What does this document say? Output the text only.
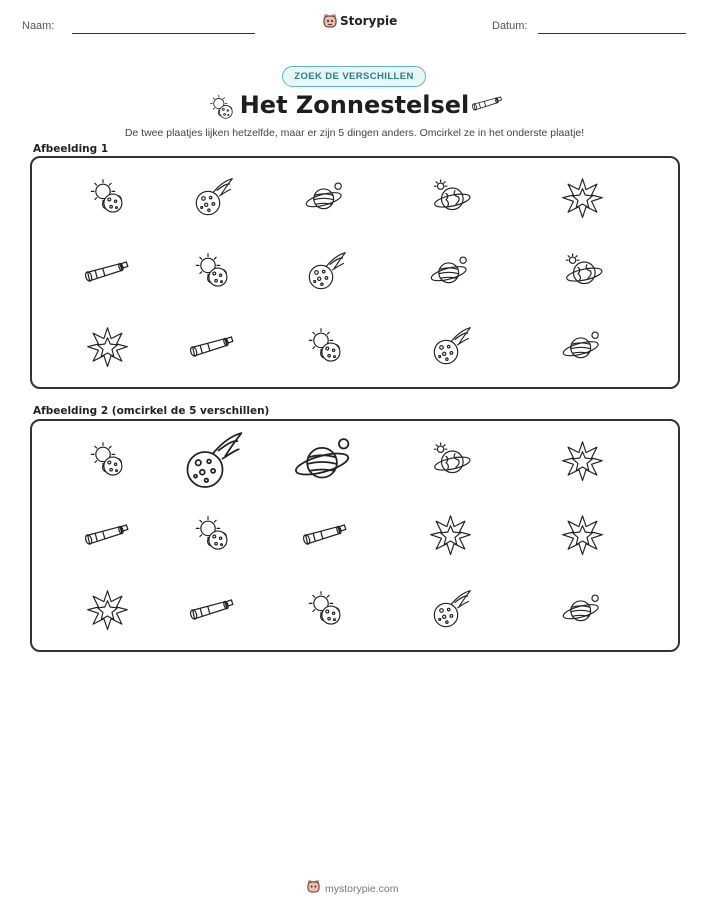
Naam:	Storypie	Datum:
ZOEK DE VERSCHILLEN
Het Zonnestelsel
De twee plaatjes lijken hetzelfde, maar er zijn 5 dingen anders. Omcirkel ze in het onderste plaatje!
Afbeelding 1
Afbeelding 2 (omcirkel de 5 verschillen)
mystorypie.com
